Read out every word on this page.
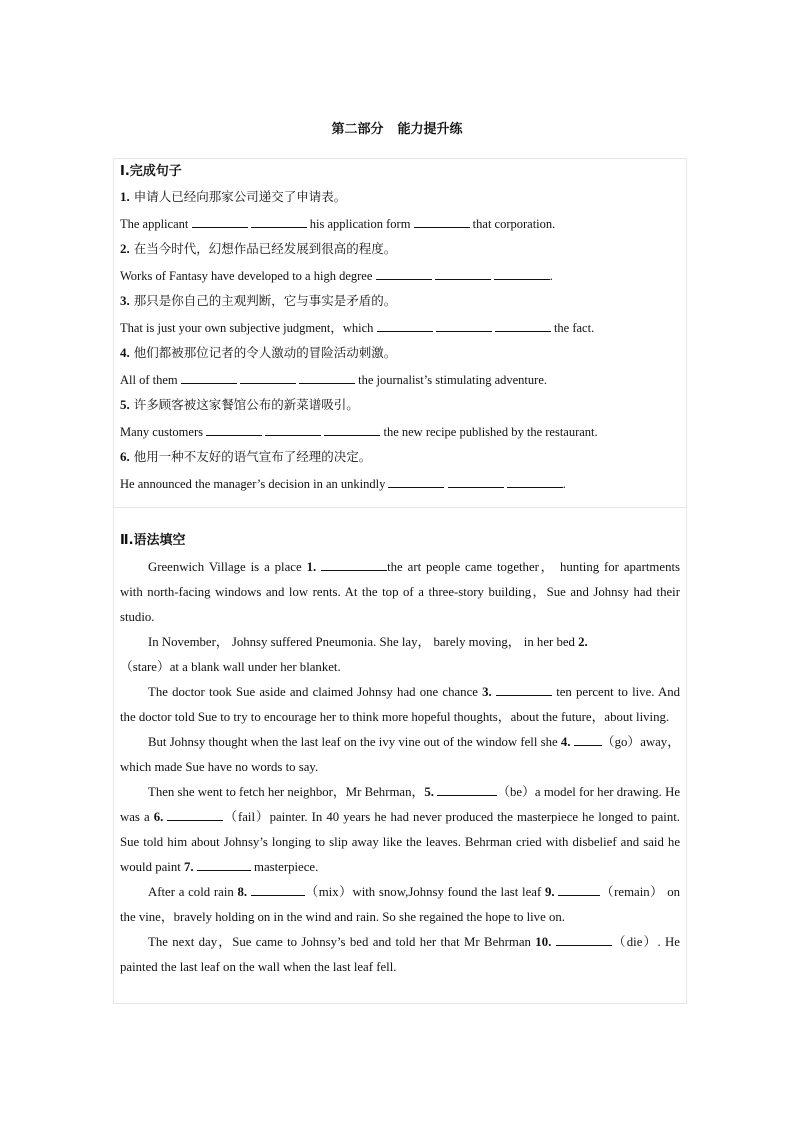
第二部分 能力提升练
Ⅰ.完成句子
1. 申请人已经向那家公司递交了申请表。
The applicant	his application form	that corporation.
2. 在当今时代，幻想作品已经发展到很高的程度。
Works of Fantasy have developed to a high degree	.
3. 那只是你自己的主观判断，它与事实是矛盾的。
That is just your own subjective judgment，which	the fact.
4. 他们都被那位记者的令人激动的冒险活动刺激。
All of them	the journalist’s stimulating adventure.
5. 许多顾客被这家餐馆公布的新菜谱吸引。
Many customers	the new recipe published by the restaurant.
6. 他用一种不友好的语气宣布了经理的决定。
He announced the manager’s decision in an unkindly	.
Ⅱ.语法填空

Greenwich Village is a place 1.	the art people came together， hunting for apartments with north-facing windows and low rents. At the top of a three-story building，Sue and Johnsy had their studio.

In November， Johnsy suffered Pneumonia. She lay， barely moving， in her bed 2.
（stare）at a blank wall under her blanket.

The doctor took Sue aside and claimed Johnsy had one chance 3.	ten percent to live. And the doctor told Sue to try to encourage her to think more hopeful thoughts，about the future，about living.

But Johnsy thought when the last leaf on the ivy vine out of the window fell she 4. （go）away，which made Sue have no words to say.

Then she went to fetch her neighbor，Mr Behrman，5.	（be）a model for her drawing. He was a 6.	（fail）painter. In 40 years he had never produced the masterpiece he longed to paint. Sue told him about Johnsy’s longing to slip away like the leaves. Behrman cried with disbelief and said he would paint 7.	masterpiece.

After a cold rain 8.	（mix）with snow,Johnsy found the last leaf 9.	（remain） on the vine，bravely holding on in the wind and rain. So she regained the hope to live on.

The next day，Sue came to Johnsy’s bed and told her that Mr Behrman 10.	（die）. He painted the last leaf on the wall when the last leaf fell.
